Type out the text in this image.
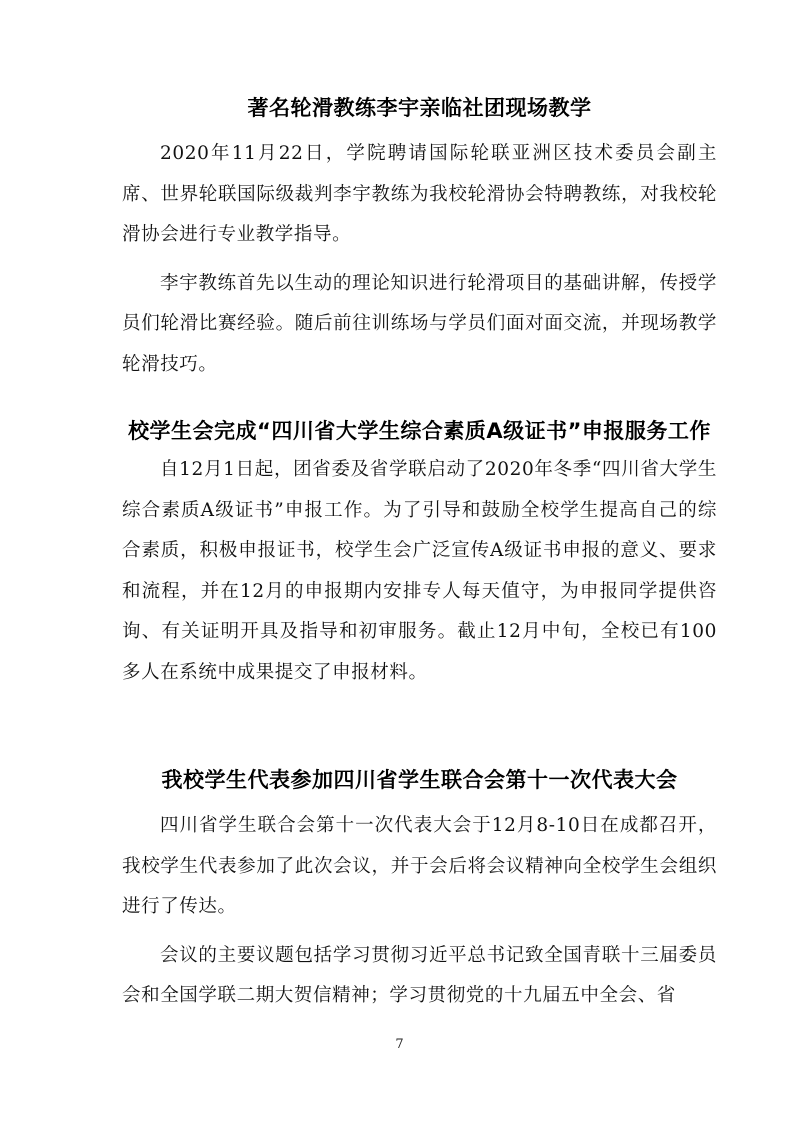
著名轮滑教练李宇亲临社团现场教学

2020年11月22日，学院聘请国际轮联亚洲区技术委员会副主席、世界轮联国际级裁判李宇教练为我校轮滑协会特聘教练，对我校轮滑协会进行专业教学指导。

李宇教练首先以生动的理论知识进行轮滑项目的基础讲解，传授学员们轮滑比赛经验。随后前往训练场与学员们面对面交流，并现场教学轮滑技巧。

校学生会完成“四川省大学生综合素质A级证书”申报服务工作

自12月1日起，团省委及省学联启动了2020年冬季“四川省大学生综合素质A级证书”申报工作。为了引导和鼓励全校学生提高自己的综合素质，积极申报证书，校学生会广泛宣传A级证书申报的意义、要求和流程，并在12月的申报期内安排专人每天值守，为申报同学提供咨询、有关证明开具及指导和初审服务。截止12月中旬，全校已有100多人在系统中成果提交了申报材料。

我校学生代表参加四川省学生联合会第十一次代表大会

四川省学生联合会第十一次代表大会于12月8-10日在成都召开，我校学生代表参加了此次会议，并于会后将会议精神向全校学生会组织进行了传达。

会议的主要议题包括学习贯彻习近平总书记致全国青联十三届委员会和全国学联二期大贺信精神；学习贯彻党的十九届五中全会、省

7
